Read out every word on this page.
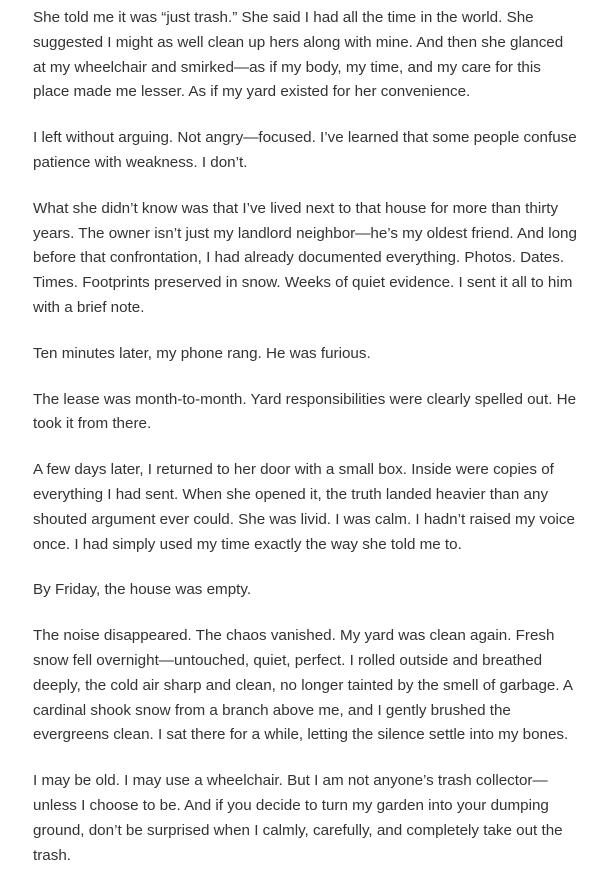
She told me it was “just trash.” She said I had all the time in the world. She suggested I might as well clean up hers along with mine. And then she glanced at my wheelchair and smirked—as if my body, my time, and my care for this place made me lesser. As if my yard existed for her convenience.

I left without arguing. Not angry—focused. I’ve learned that some people confuse patience with weakness. I don’t.

What she didn’t know was that I’ve lived next to that house for more than thirty years. The owner isn’t just my landlord neighbor—he’s my oldest friend. And long before that confrontation, I had already documented everything. Photos. Dates. Times. Footprints preserved in snow. Weeks of quiet evidence. I sent it all to him with a brief note.

Ten minutes later, my phone rang. He was furious.

The lease was month-to-month. Yard responsibilities were clearly spelled out. He took it from there.

A few days later, I returned to her door with a small box. Inside were copies of everything I had sent. When she opened it, the truth landed heavier than any shouted argument ever could. She was livid. I was calm. I hadn’t raised my voice once. I had simply used my time exactly the way she told me to.

By Friday, the house was empty.

The noise disappeared. The chaos vanished. My yard was clean again. Fresh snow fell overnight—untouched, quiet, perfect. I rolled outside and breathed deeply, the cold air sharp and clean, no longer tainted by the smell of garbage. A cardinal shook snow from a branch above me, and I gently brushed the evergreens clean. I sat there for a while, letting the silence settle into my bones.

I may be old. I may use a wheelchair. But I am not anyone’s trash collector—unless I choose to be. And if you decide to turn my garden into your dumping ground, don’t be surprised when I calmly, carefully, and completely take out the trash.
